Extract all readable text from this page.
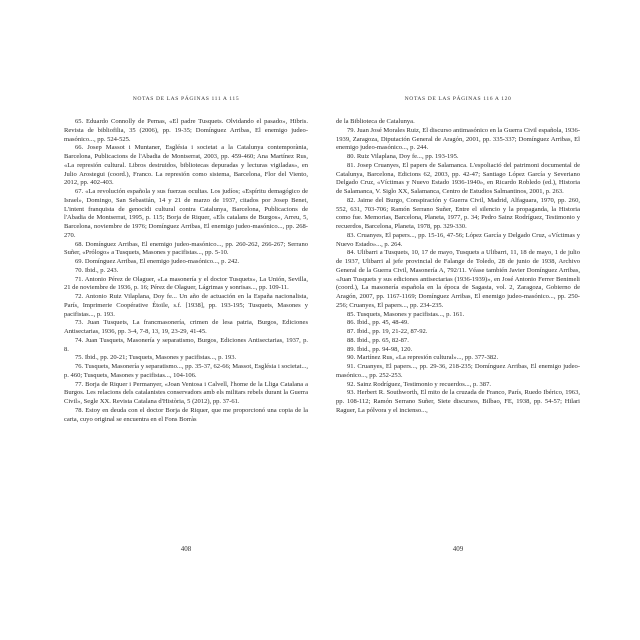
NOTAS DE LAS PÁGINAS 111 A 115

65. Eduardo Connolly de Pernas, «El padre Tusquets. Olvidando el pasado», Hibris. Revista de bibliofilia, 35 (2006), pp. 19-35; Domínguez Arribas, El enemigo judeo-masónico..., pp. 524-525.

66. Josep Massot i Muntaner, Església i societat a la Catalunya contemporània, Barcelona, Publicacions de l'Abadia de Montserrat, 2003, pp. 459-460; Ana Martínez Rus, «La represión cultural. Libros destruidos, bibliotecas depuradas y lecturas vigiladas», en Julio Arostegui (coord.), Franco. La represión como sistema, Barcelona, Flor del Viento, 2012, pp. 402-403.

67. «La revolución española y sus fuerzas ocultas. Los judíos; «Espíritu demagógico de Israel», Domingo, San Sebastián, 14 y 21 de marzo de 1937, citados por Josep Benet, L'intent franquista de genocidi cultural contra Catalunya, Barcelona, Publicacions de l'Abadia de Montserrat, 1995, p. 115; Borja de Riquer, «Els catalans de Burgos», Arreu, 5, Barcelona, noviembre de 1976; Domínguez Arribas, El enemigo judeo-masónico..., pp. 268-270.

68. Domínguez Arribas, El enemigo judeo-masónico..., pp. 260-262, 266-267; Serrano Suñer, «Prólogo» a Tusquets, Masones y pacifistas..., pp. 5-10.

69. Domínguez Arribas, El enemigo judeo-masónico..., p. 242.

70. Ibid., p. 243.

71. Antonio Pérez de Olaguer, «La masonería y el doctor Tusquets», La Unión, Sevilla, 21 de noviembre de 1936, p. 16; Pérez de Olaguer, Lágrimas y sonrisas..., pp. 109-11.

72. Antonio Ruiz Vilaplana, Doy fe... Un año de actuación en la España nacionalista, París, Imprimerie Coopérative Étoile, s.f. [1938], pp. 193-195; Tusquets, Masones y pacifistas..., p. 193.

73. Juan Tusquets, La francmasonería, crimen de lesa patria, Burgos, Ediciones Antisectarias, 1936, pp. 3-4, 7-8, 13, 19, 23-29, 41-45.

74. Juan Tusquets, Masonería y separatismo, Burgos, Ediciones Antisectarias, 1937, p. 8.

75. Ibid., pp. 20-21; Tusquets, Masones y pacifistas..., p. 193.

76. Tusquets, Masonería y separatismo..., pp. 35-37, 62-66; Massot, Església i societat..., p. 460; Tusquets, Masones y pacifistas..., 104-106.

77. Borja de Riquer i Permanyer, «Joan Ventosa i Calvell, l'home de la Lliga Catalana a Burgos. Les relacions dels catalanistes conservadors amb els militars rebels durant la Guerra Civil», Segle XX. Revista Catalana d'Història, 5 (2012), pp. 37-61.

78. Estoy en deuda con el doctor Borja de Riquer, que me proporcionó una copia de la carta, cuyo original se encuentra en el Fons Borràs

408
NOTAS DE LAS PÁGINAS 116 A 120

de la Biblioteca de Catalunya.

79. Juan José Morales Ruiz, El discurso antimasónico en la Guerra Civil española, 1936-1939, Zaragoza, Diputación General de Aragón, 2001, pp. 335-337; Domínguez Arribas, El enemigo judeo-masónico..., p. 244.

80. Ruiz Vilaplana, Doy fe..., pp. 193-195.

81. Josep Cruanyes, El papers de Salamanca. L'espoliació del patrimoni documental de Catalunya, Barcelona, Edicions 62, 2003, pp. 42-47; Santiago López García y Severiano Delgado Cruz, «Víctimas y Nuevo Estado 1936-1940», en Ricardo Robledo (ed.), Historia de Salamanca, V. Siglo XX, Salamanca, Centro de Estudios Salmantinos, 2001, p. 263.

82. Jaime del Burgo, Conspiración y Guerra Civil, Madrid, Alfaguara, 1970, pp. 260, 552, 631, 703-706; Ramón Serrano Suñer, Entre el silencio y la propaganda, la Historia como fue. Memorias, Barcelona, Planeta, 1977, p. 34; Pedro Sainz Rodríguez, Testimonio y recuerdos, Barcelona, Planeta, 1978, pp. 329-330.

83. Cruanyes, El papers..., pp. 15-16, 47-56; López García y Delgado Cruz, «Víctimas y Nuevo Estado»..., p. 264.

84. Ulibarri a Tusquets, 10, 17 de mayo, Tusquets a Ulibarri, 11, 18 de mayo, 1 de julio de 1937, Ulibarri al jefe provincial de Falange de Toledo, 28 de junio de 1938, Archivo General de la Guerra Civil, Masonería A, 792/11. Véase también Javier Domínguez Arribas, «Juan Tusquets y sus ediciones antisectarias (1936-1939)», en José Antonio Ferrer Benimeli (coord.), La masonería española en la época de Sagasta, vol. 2, Zaragoza, Gobierno de Aragón, 2007, pp. 1167-1169; Domínguez Arribas, El enemigo judeo-masónico..., pp. 250-256; Cruanyes, El papers..., pp. 234-235.

85. Tusquets, Masones y pacifistas..., p. 161.

86. Ibid., pp. 45, 48-49.

87. Ibid., pp. 19, 21-22, 87-92.

88. Ibid., pp. 65, 82-87.

89. Ibid., pp. 94-98, 120.

90. Martínez Rus, «La represión cultural»..., pp. 377-382.

91. Cruanyes, El papers..., pp. 29-36, 218-235; Domínguez Arribas, El enemigo judeo-masónico..., pp. 252-253.

92. Sainz Rodríguez, Testimonio y recuerdos..., p. 387.

93. Herbert R. Southworth, El mito de la cruzada de Franco, París, Ruedo Ibérico, 1963, pp. 108-112; Ramón Serrano Suñer, Siete discursos, Bilbao, FE, 1938, pp. 54-57; Hilari Raguer, La pólvora y el incienso...,

409
